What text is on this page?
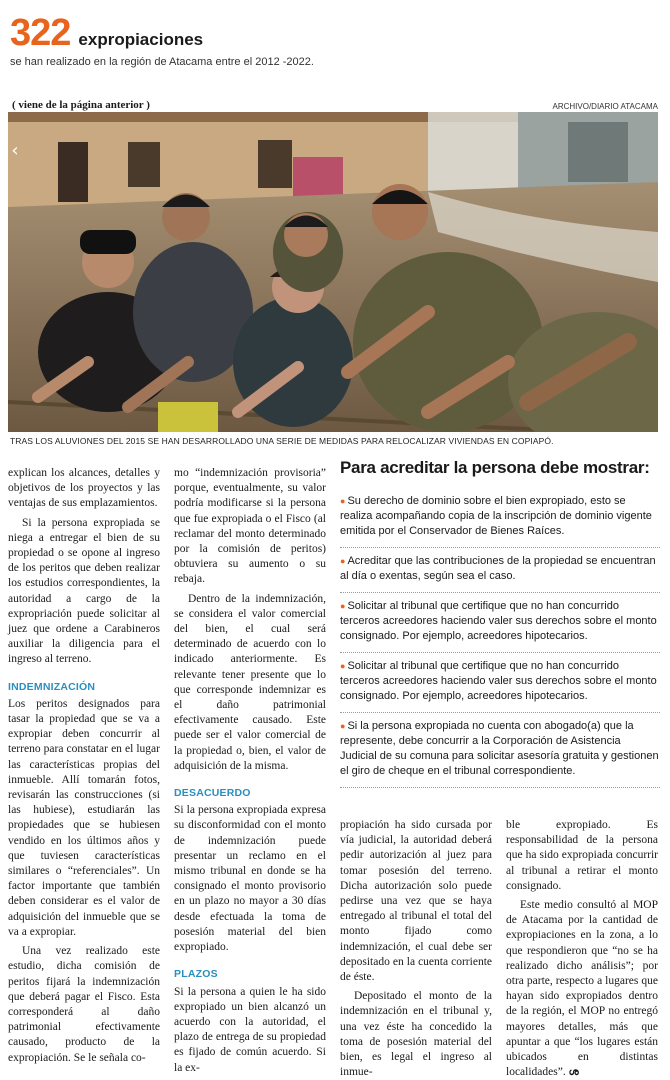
322 expropiaciones
se han realizado en la región de Atacama entre el 2012 -2022.
( viene de la página anterior )	ARCHIVO/DIARIO ATACAMA
‹
TRAS LOS ALUVIONES DEL 2015 SE HAN DESARROLLADO UNA SERIE DE MEDIDAS PARA RELOCALIZAR VIVIENDAS EN COPIAPÓ.

explican los alcances, detalles y objetivos de los proyectos y las ventajas de sus emplazamientos.

Si la persona expropiada se niega a entregar el bien de su propiedad o se opone al ingreso de los peritos que deben realizar los estudios correspondientes, la autoridad a cargo de la expropriación puede solicitar al juez que ordene a Carabineros auxiliar la diligencia para el ingreso al terreno.

INDEMNIZACIÓN

Los peritos designados para tasar la propiedad que se va a expropiar deben concurrir al terreno para constatar en el lugar las características propias del inmueble. Allí tomarán fotos, revisarán las construcciones (si las hubiese), estudiarán las propiedades que se hubiesen vendido en los últimos años y que tuviesen características similares o “referenciales”. Un factor importante que también deben considerar es el valor de adquisición del inmueble que se va a expropiar.

Una vez realizado este estudio, dicha comisión de peritos fijará la indemnización que deberá pagar el Fisco. Esta corresponderá al daño patrimonial efectivamente causado, producto de la expropiación. Se le señala co-

mo “indemnización provisoria” porque, eventualmente, su valor podría modificarse si la persona que fue expropiada o el Fisco (al reclamar del monto determinado por la comisión de peritos) obtuviera su aumento o su rebaja.

Dentro de la indemnización, se considera el valor comercial del bien, el cual será determinado de acuerdo con lo indicado anteriormente. Es relevante tener presente que lo que corresponde indemnizar es el daño patrimonial efectivamente causado. Este puede ser el valor comercial de la propiedad o, bien, el valor de adquisición de la misma.

DESACUERDO

Si la persona expropiada expresa su disconformidad con el monto de indemnización puede presentar un reclamo en el mismo tribunal en donde se ha consignado el monto provisorio en un plazo no mayor a 30 días desde efectuada la toma de posesión material del bien expropiado.

PLAZOS

Si la persona a quien le ha sido expropiado un bien alcanzó un acuerdo con la autoridad, el plazo de entrega de su propiedad es fijado de común acuerdo. Si la ex-

Para acreditar la persona debe mostrar:
● Su derecho de dominio sobre el bien expropiado, esto se realiza acompañando copia de la inscripción de dominio vigente emitida por el Conservador de Bienes Raíces.
● Acreditar que las contribuciones de la propiedad se encuentran al día o exentas, según sea el caso.
● Solicitar al tribunal que certifique que no han concurrido terceros acreedores haciendo valer sus derechos sobre el monto consignado. Por ejemplo, acreedores hipotecarios.
● Solicitar al tribunal que certifique que no han concurrido terceros acreedores haciendo valer sus derechos sobre el monto consignado. Por ejemplo, acreedores hipotecarios.
● Si la persona expropiada no cuenta con abogado(a) que la represente, debe concurrir a la Corporación de Asistencia Judicial de su comuna para solicitar asesoría gratuita y gestionen el giro de cheque en el tribunal correspondiente.

propiación ha sido cursada por vía judicial, la autoridad deberá pedir autorización al juez para tomar posesión del terreno. Dicha autorización solo puede pedirse una vez que se haya entregado al tribunal el total del monto fijado como indemnización, el cual debe ser depositado en la cuenta corriente de éste.

Depositado el monto de la indemnización en el tribunal y, una vez éste ha concedido la toma de posesión material del bien, es legal el ingreso al inmue-

ble expropiado. Es responsabilidad de la persona que ha sido expropiada concurrir al tribunal a retirar el monto consignado.

Este medio consultó al MOP de Atacama por la cantidad de expropiaciones en la zona, a lo que respondieron que “no se ha realizado dicho análisis”; por otra parte, respecto a lugares que hayan sido expropiados dentro de la región, el MOP no entregó mayores detalles, más que apuntar a que “los lugares están ubicados en distintas localidades”. ശ
